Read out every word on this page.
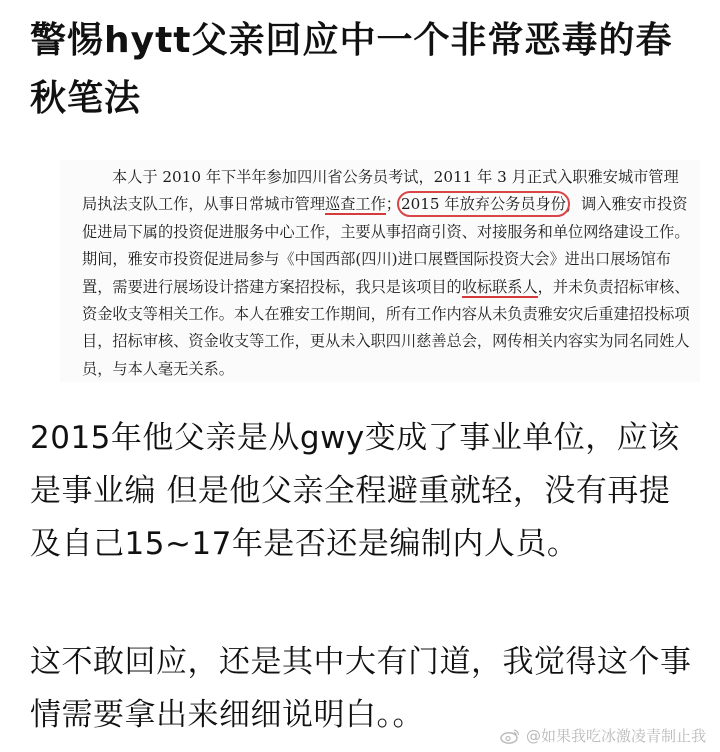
警惕hytt父亲回应中一个非常恶毒的春秋笔法
本人于 2010 年下半年参加四川省公务员考试，2011 年 3 月正式入职雅安城市管理局执法支队工作，从事日常城市管理巡查工作；2015 年放弃公务员身份，调入雅安市投资促进局下属的投资促进服务中心工作，主要从事招商引资、对接服务和单位网络建设工作。期间，雅安市投资促进局参与《中国西部(四川)进口展暨国际投资大会》进出口展场馆布置，需要进行展场设计搭建方案招投标，我只是该项目的收标联系人，并未负责招标审核、资金收支等相关工作。本人在雅安工作期间，所有工作内容从未负责雅安灾后重建招投标项目，招标审核、资金收支等工作，更从未入职四川慈善总会，网传相关内容实为同名同姓人员，与本人毫无关系。
2015年他父亲是从gwy变成了事业单位，应该是事业编 但是他父亲全程避重就轻，没有再提及自己15~17年是否还是编制内人员。
这不敢回应，还是其中大有门道，我觉得这个事情需要拿出来细细说明白。。
@如果我吃冰激凌青制止我
